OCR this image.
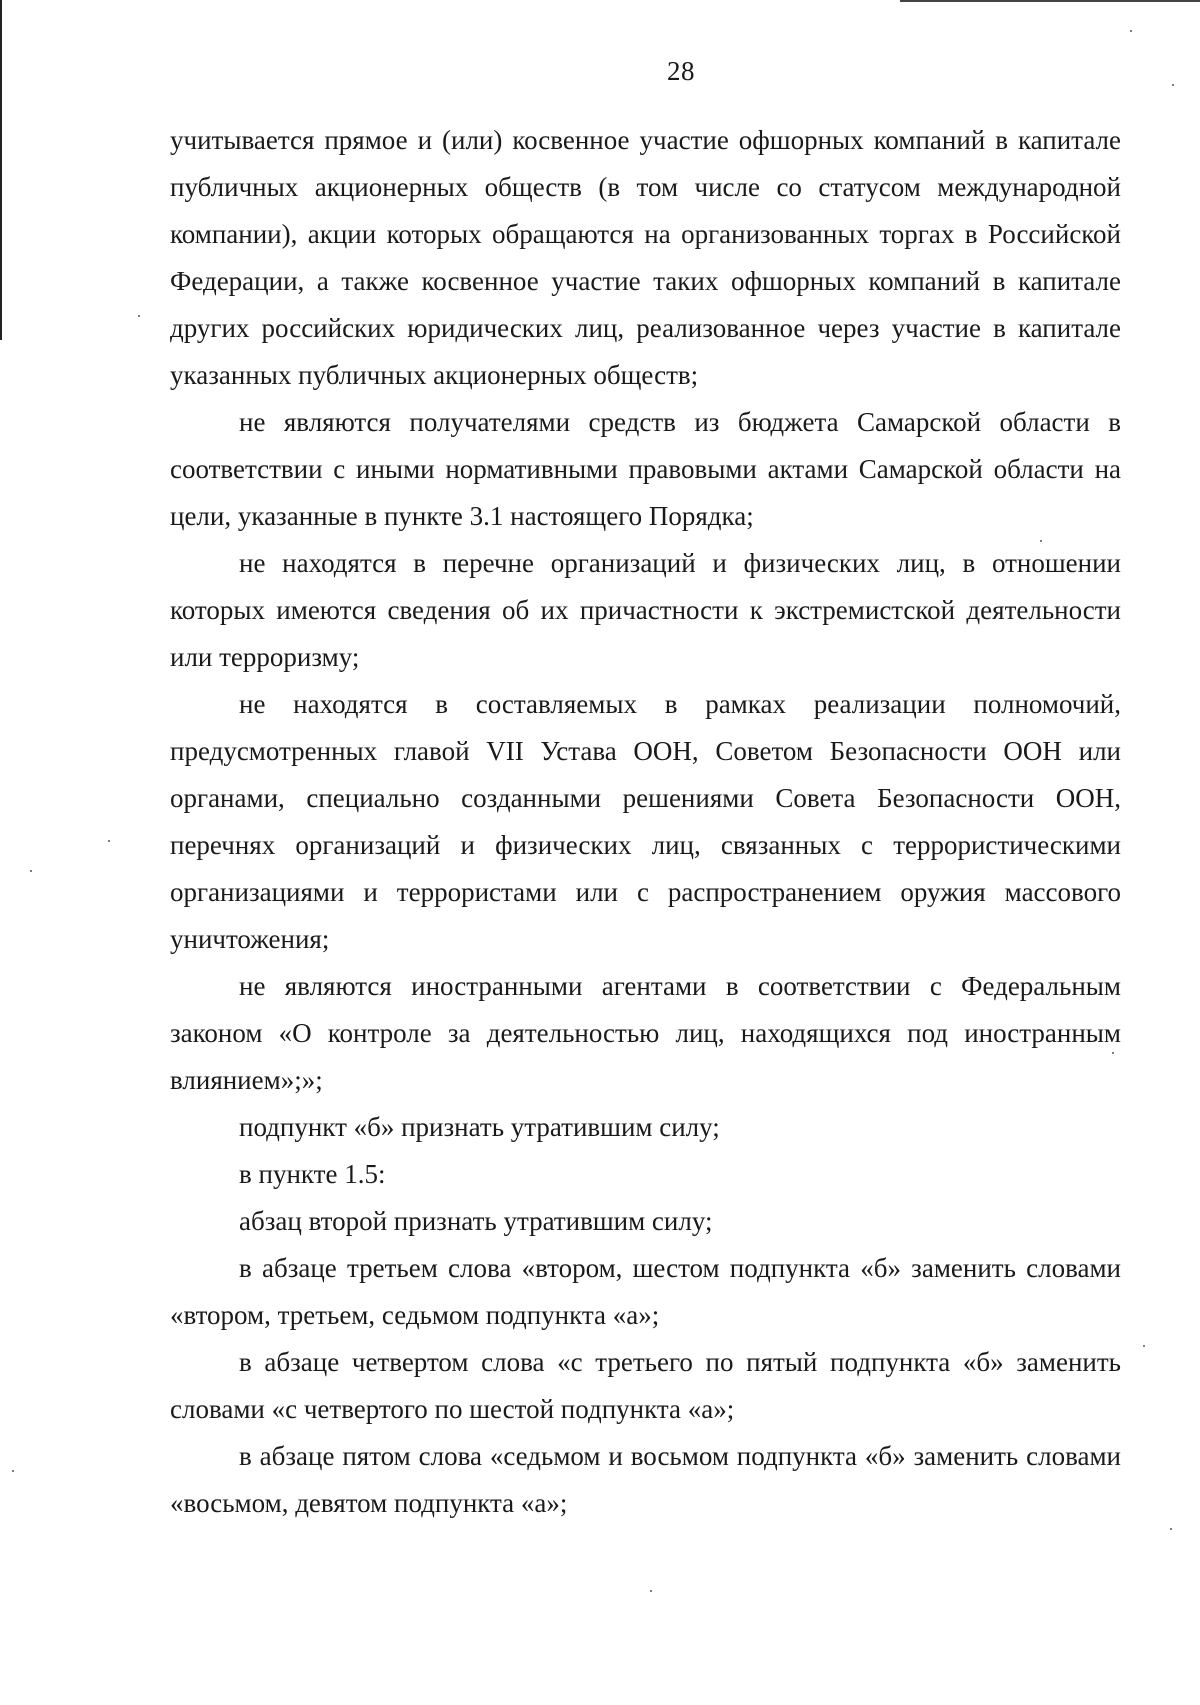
28

учитывается прямое и (или) косвенное участие офшорных компаний в капитале публичных акционерных обществ (в том числе со статусом международной компании), акции которых обращаются на организованных торгах в Российской Федерации, а также косвенное участие таких офшорных компаний в капитале других российских юридических лиц, реализованное через участие в капитале указанных публичных акционерных обществ;

не являются получателями средств из бюджета Самарской области в соответствии с иными нормативными правовыми актами Самарской области на цели, указанные в пункте 3.1 настоящего Порядка;

не находятся в перечне организаций и физических лиц, в отношении которых имеются сведения об их причастности к экстремистской деятельности или терроризму;

не находятся в составляемых в рамках реализации полномочий, предусмотренных главой VII Устава ООН, Советом Безопасности ООН или органами, специально созданными решениями Совета Безопасности ООН, перечнях организаций и физических лиц, связанных с террористическими организациями и террористами или с распространением оружия массового уничтожения;

не являются иностранными агентами в соответствии с Федеральным законом «О контроле за деятельностью лиц, находящихся под иностранным влиянием»;»;

подпункт «б» признать утратившим силу;

в пункте 1.5:

абзац второй признать утратившим силу;

в абзаце третьем слова «втором, шестом подпункта «б» заменить словами «втором, третьем, седьмом подпункта «а»;

в абзаце четвертом слова «с третьего по пятый подпункта «б» заменить словами «с четвертого по шестой подпункта «а»;

в абзаце пятом слова «седьмом и восьмом подпункта «б» заменить словами «восьмом, девятом подпункта «а»;
